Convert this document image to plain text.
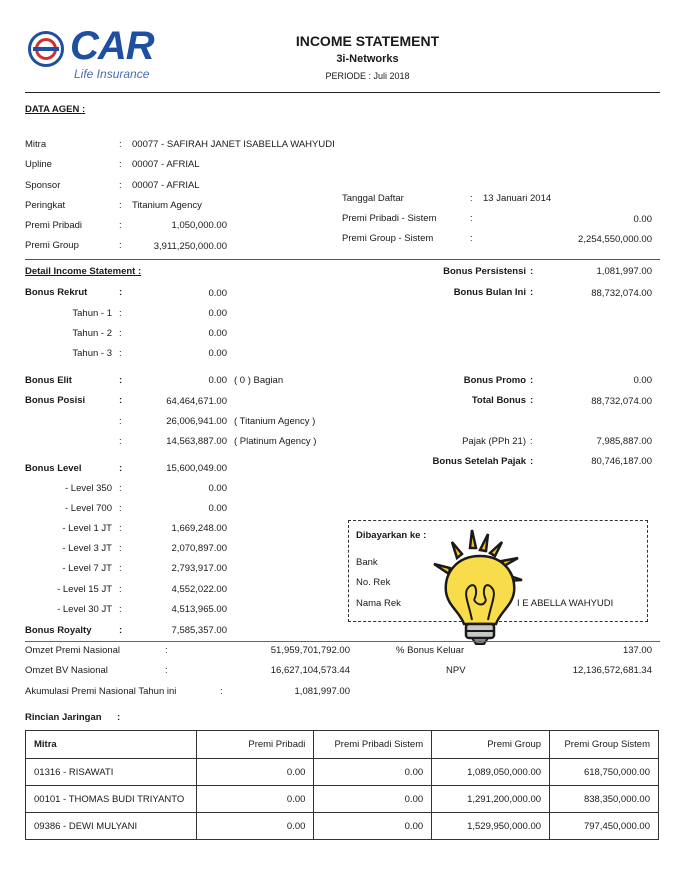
CAR
Life Insurance
INCOME STATEMENT
3i-Networks
PERIODE : Juli 2018
DATA AGEN :
Mitra	: 00077 - SAFIRAH JANET ISABELLA WAHYUDI
Upline	: 00007 - AFRIAL
Sponsor	: 00007 - AFRIAL
Peringkat	: Titanium Agency
Premi Pribadi	:	1,050,000.00
Premi Group	:	3,911,250,000.00
Tanggal Daftar	: 13 Januari 2014
Premi Pribadi - Sistem	:	0.00
Premi Group - Sistem	:	2,254,550,000.00
Detail Income Statement :	Bonus Persistensi :	1,081,997.00
Bonus Bulan Ini :	88,732,074.00
Bonus Rekrut	:	0.00
Tahun - 1 :	0.00
Tahun - 2 :	0.00
Tahun - 3 :	0.00
Bonus Elit	:	0.00 ( 0 ) Bagian	Bonus Promo :	0.00
Bonus Posisi	:	64,464,671.00	Total Bonus :	88,732,074.00
:	26,006,941.00 ( Titanium Agency )
:	14,563,887.00 ( Platinum Agency )	Pajak (PPh 21) :	7,985,887.00
Bonus Setelah Pajak :	80,746,187.00
Bonus Level	:	15,600,049.00
- Level 350 :	0.00
- Level 700 :	0.00
- Level 1 JT :	1,669,248.00
- Level 3 JT :	2,070,897.00
- Level 7 JT :	2,793,917.00
- Level 15 JT :	4,552,022.00
- Level 30 JT :	4,513,965.00
Bonus Royalty	:	7,585,357.00
Dibayarkan ke :
Bank
No. Rek
Nama Rek	I E ABELLA WAHYUDI
Omzet Premi Nasional	:	51,959,701,792.00	% Bonus Keluar	137.00
Omzet BV Nasional	:	16,627,104,573.44	NPV	12,136,572,681.34
Akumulasi Premi Nasional Tahun ini	:	1,081,997.00
Rincian Jaringan :
Mitra	Premi Pribadi	Premi Pribadi Sistem	Premi Group	Premi Group Sistem
01316 - RISAWATI	0.00	0.00	1,089,050,000.00	618,750,000.00
00101 - THOMAS BUDI TRIYANTO	0.00	0.00	1,291,200,000.00	838,350,000.00
09386 - DEWI MULYANI	0.00	0.00	1,529,950,000.00	797,450,000.00
